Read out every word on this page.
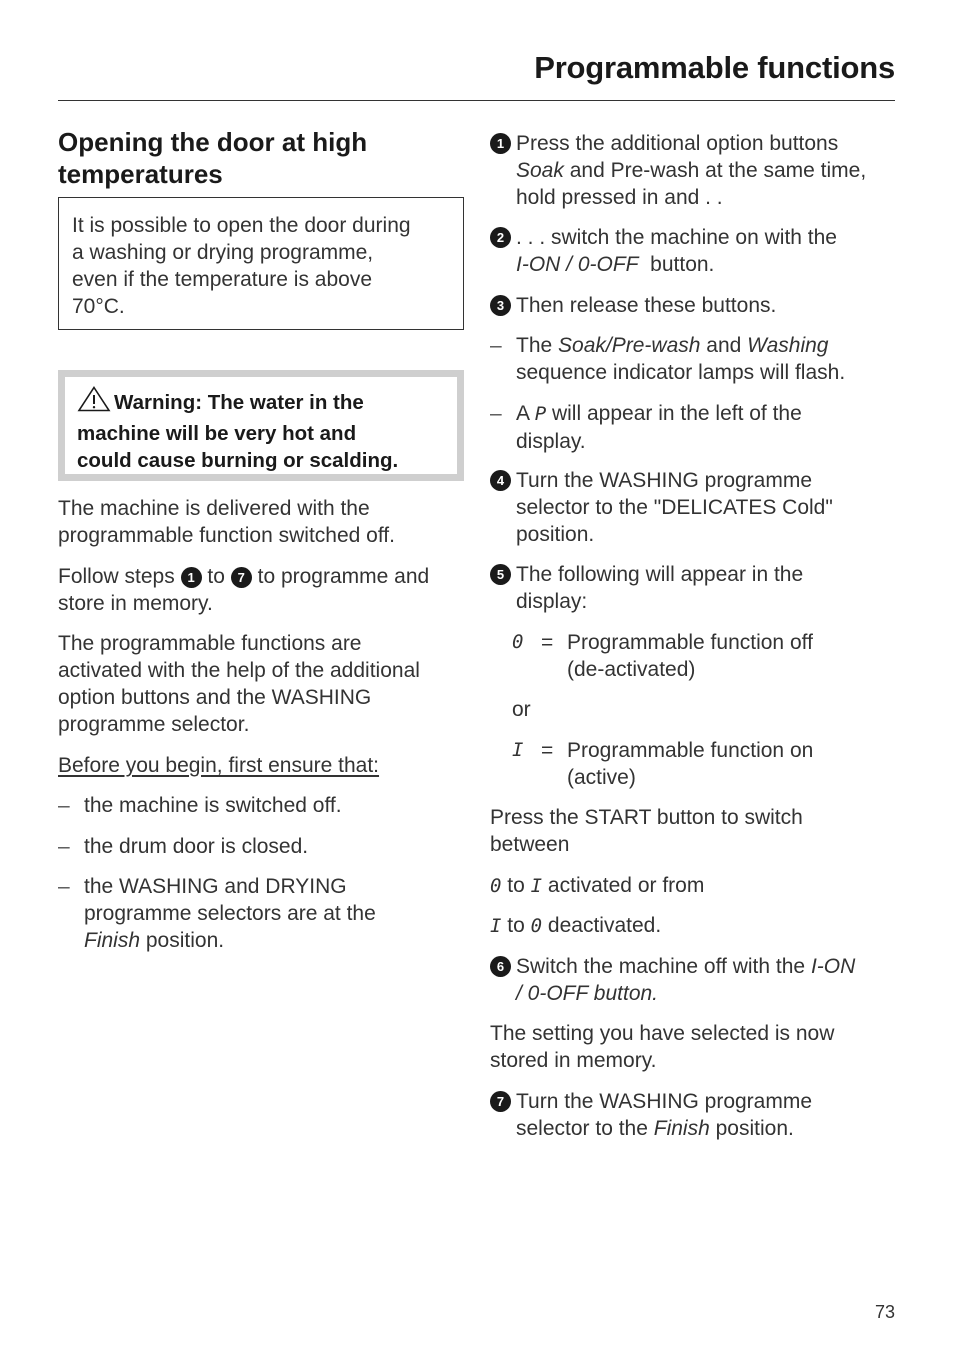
Programmable functions
Opening the door at high
temperatures
It is possible to open the door during
a washing or drying programme,
even if the temperature is above
70°C.
Warning: The water in the
machine will be very hot and
could cause burning or scalding.
The machine is delivered with the
programmable function switched off.
Follow steps 1 to 7 to programme and
store in memory.
The programmable functions are
activated with the help of the additional
option buttons and the WASHING
programme selector.
Before you begin, first ensure that:
– the machine is switched off.
– the drum door is closed.
– the WASHING and DRYING
programme selectors are at the
Finish position.
1 Press the additional option buttons
Soak and Pre-wash at the same time,
hold pressed in and . .
2 . . . switch the machine on with the
I-ON / 0-OFF  button.
3 Then release these buttons.
– The Soak/Pre-wash and Washing
sequence indicator lamps will flash.
– A P will appear in the left of the
display.
4 Turn the WASHING programme
selector to the "DELICATES Cold"
position.
5 The following will appear in the
display:
0 = Programmable function off
(de-activated)
or
I = Programmable function on
(active)
Press the START button to switch
between
0 to I activated or from
I to 0 deactivated.
6 Switch the machine off with the I-ON
/ 0-OFF button.
The setting you have selected is now
stored in memory.
7 Turn the WASHING programme
selector to the Finish position.
73
